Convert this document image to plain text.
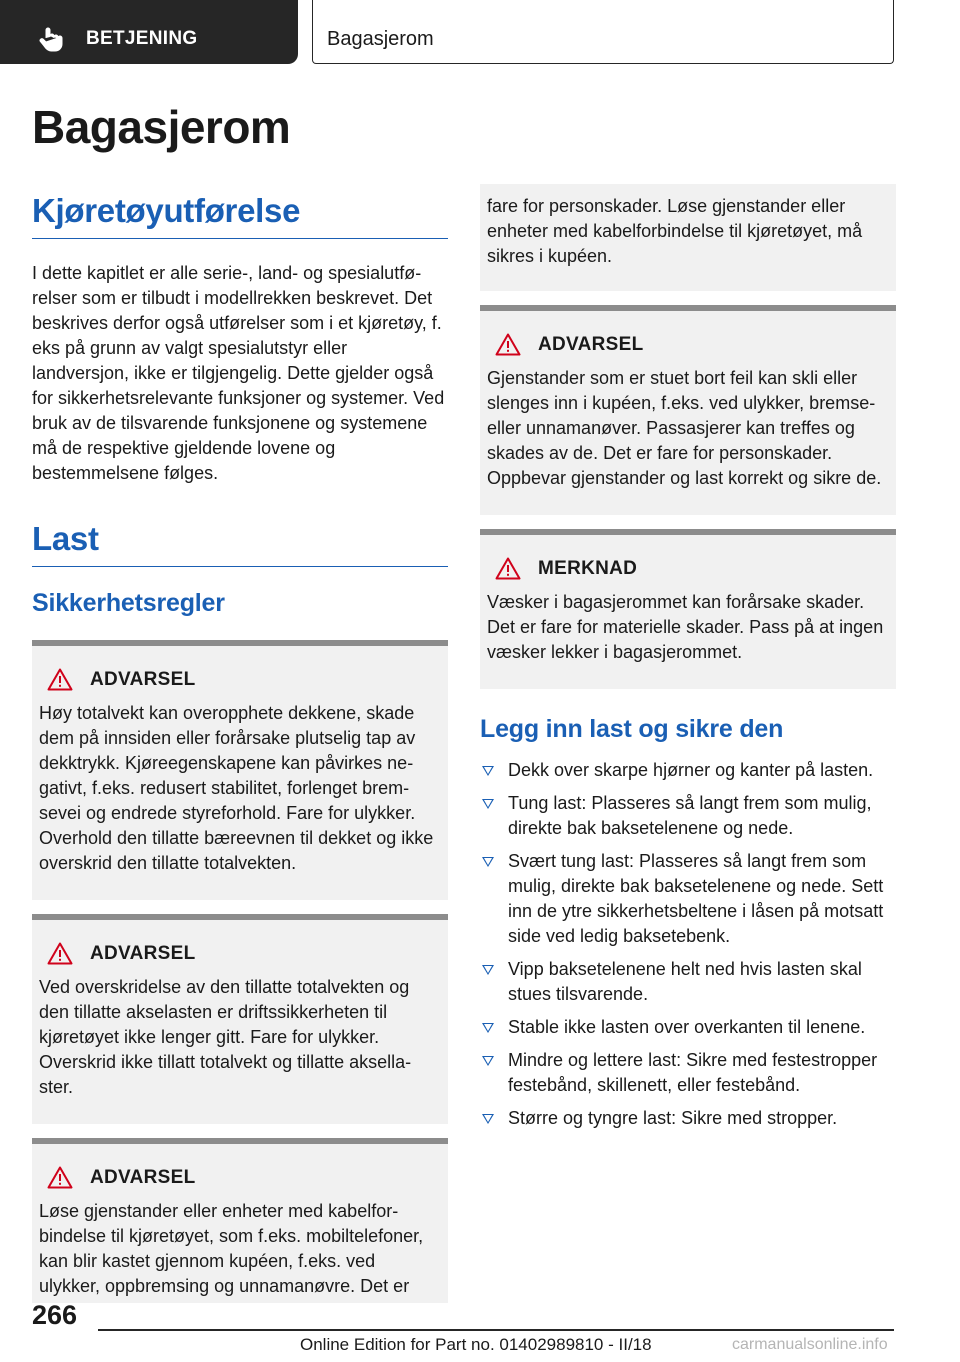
BETJENING	Bagasjerom
Bagasjerom
Kjøretøyutførelse

I dette kapitlet er alle serie-, land- og spesialutførelser som er tilbudt i modellrekken beskrevet. Det beskrives derfor også utførelser som i et kjøretøy, f. eks på grunn av valgt spesialutstyr eller landversjon, ikke er tilgjengelig. Dette gjelder også for sikkerhetsrelevante funksjoner og systemer. Ved bruk av de tilsvarende funksjonene og systemene må de respektive gjeldende lovene og bestemmelsene følges.

Last
Sikkerhetsregler
ADVARSEL

Høy totalvekt kan overopphete dekkene, skade dem på innsiden eller forårsake plutselig tap av dekktrykk. Kjøreegenskapene kan påvirkes negativt, f.eks. redusert stabilitet, forlenget bremsevei og endrede styreforhold. Fare for ulykker. Overhold den tillatte bæreevnen til dekket og ikke overskrid den tillatte totalvekten.

ADVARSEL

Ved overskridelse av den tillatte totalvekten og den tillatte akselasten er driftssikkerheten til kjøretøyet ikke lenger gitt. Fare for ulykker. Overskrid ikke tillatt totalvekt og tillatte aksellaster.

ADVARSEL

Løse gjenstander eller enheter med kabelforbindelse til kjøretøyet, som f.eks. mobiltelefoner, kan blir kastet gjennom kupéen, f.eks. ved ulykker, oppbremsing og unnamanøvre. Det er

fare for personskader. Løse gjenstander eller enheter med kabelforbindelse til kjøretøyet, må sikres i kupéen.

ADVARSEL

Gjenstander som er stuet bort feil kan skli eller slenges inn i kupéen, f.eks. ved ulykker, bremse- eller unnamanøver. Passasjerer kan treffes og skades av de. Det er fare for personskader. Oppbevar gjenstander og last korrekt og sikre de.

MERKNAD

Væsker i bagasjerommet kan forårsake skader. Det er fare for materielle skader. Pass på at ingen væsker lekker i bagasjerommet.

Legg inn last og sikre den
Dekk over skarpe hjørner og kanter på lasten.
Tung last: Plasseres så langt frem som mulig, direkte bak baksetelenene og nede.
Svært tung last: Plasseres så langt frem som mulig, direkte bak baksetelenene og nede. Sett inn de ytre sikkerhetsbeltene i låsen på motsatt side ved ledig baksetebenk.
Vipp baksetelenene helt ned hvis lasten skal stues tilsvarende.
Stable ikke lasten over overkanten til lenene.
Mindre og lettere last: Sikre med festestropper festebånd, skillenett, eller festebånd.
Større og tyngre last: Sikre med stropper.
266
Online Edition for Part no. 01402989810 - II/18	carmanualsonline.info
